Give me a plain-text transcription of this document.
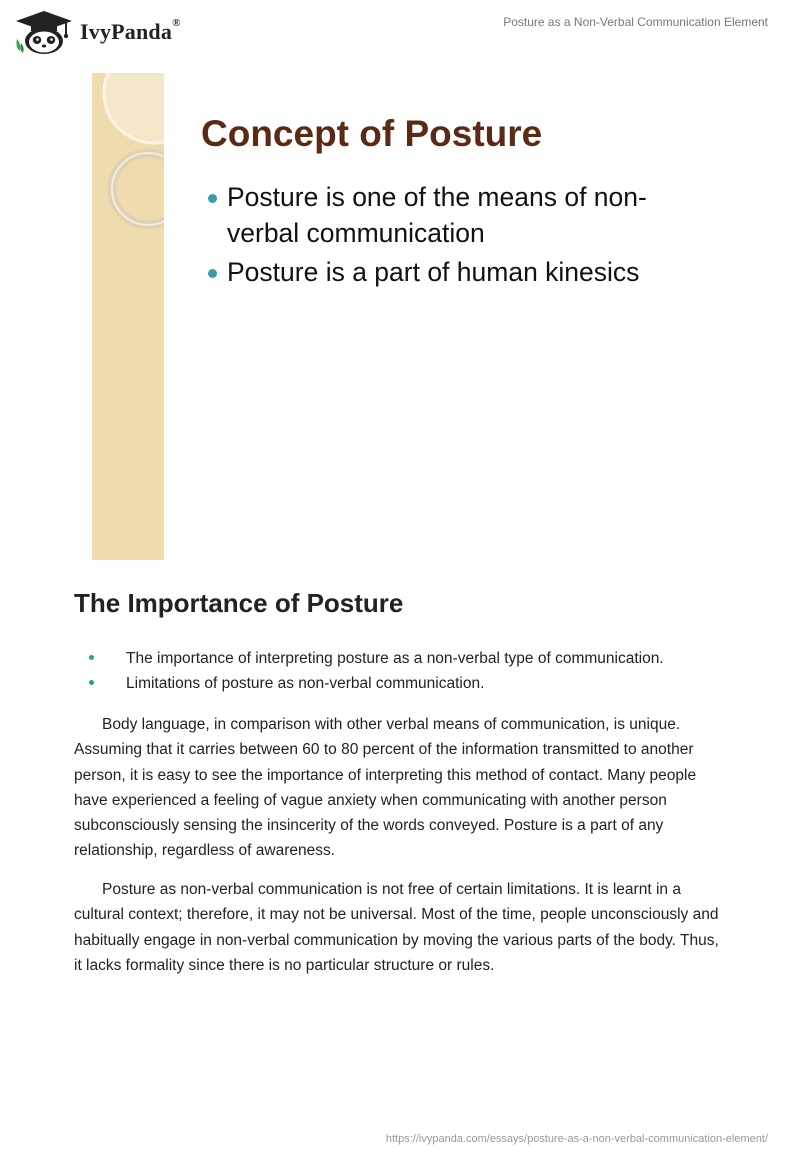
IvyPanda®	Posture as a Non-Verbal Communication Element
Concept of Posture
Posture is one of the means of non-verbal communication
Posture is a part of human kinesics
The Importance of Posture
The importance of interpreting posture as a non-verbal type of communication.
Limitations of posture as non-verbal communication.

Body language, in comparison with other verbal means of communication, is unique. Assuming that it carries between 60 to 80 percent of the information transmitted to another person, it is easy to see the importance of interpreting this method of contact. Many people have experienced a feeling of vague anxiety when communicating with another person subconsciously sensing the insincerity of the words conveyed. Posture is a part of any relationship, regardless of awareness.

Posture as non-verbal communication is not free of certain limitations. It is learnt in a cultural context; therefore, it may not be universal. Most of the time, people unconsciously and habitually engage in non-verbal communication by moving the various parts of the body. Thus, it lacks formality since there is no particular structure or rules.

https://ivypanda.com/essays/posture-as-a-non-verbal-communication-element/
